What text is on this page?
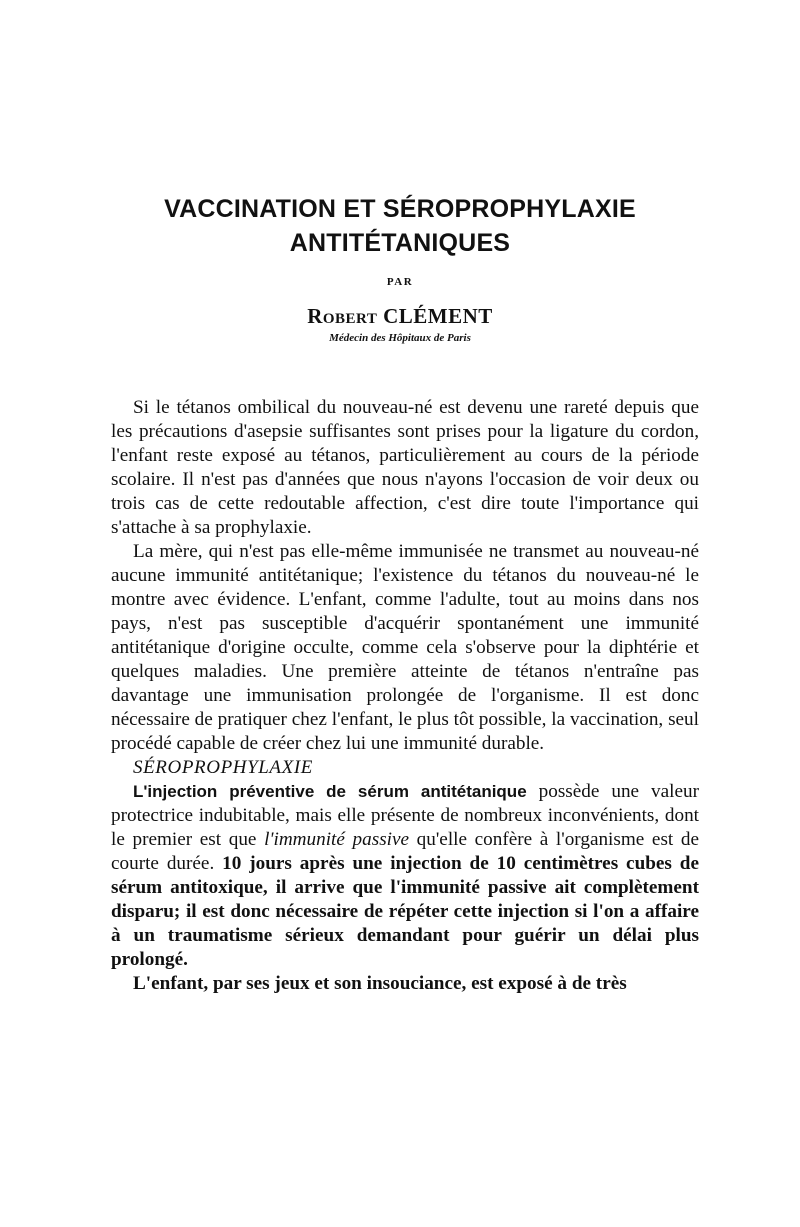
VACCINATION ET SÉROPROPHYLAXIE
ANTITÉTANIQUES
PAR
Robert CLÉMENT
Médecin des Hôpitaux de Paris

Si le tétanos ombilical du nouveau-né est devenu une rareté depuis que les précautions d'asepsie suffisantes sont prises pour la ligature du cordon, l'enfant reste exposé au tétanos, particulièrement au cours de la période scolaire. Il n'est pas d'années que nous n'ayons l'occasion de voir deux ou trois cas de cette redoutable affection, c'est dire toute l'importance qui s'attache à sa prophylaxie.

La mère, qui n'est pas elle-même immunisée ne transmet au nouveau-né aucune immunité antitétanique; l'existence du tétanos du nouveau-né le montre avec évidence. L'enfant, comme l'adulte, tout au moins dans nos pays, n'est pas susceptible d'acquérir spontanément une immunité antitétanique d'origine occulte, comme cela s'observe pour la diphtérie et quelques maladies. Une première atteinte de tétanos n'entraîne pas davantage une immunisation prolongée de l'organisme. Il est donc nécessaire de pratiquer chez l'enfant, le plus tôt possible, la vaccination, seul procédé capable de créer chez lui une immunité durable.

SÉROPROPHYLAXIE

L'injection préventive de sérum antitétanique possède une valeur protectrice indubitable, mais elle présente de nombreux inconvénients, dont le premier est que l'immunité passive qu'elle confère à l'organisme est de courte durée. 10 jours après une injection de 10 centimètres cubes de sérum antitoxique, il arrive que l'immunité passive ait complètement disparu; il est donc nécessaire de répéter cette injection si l'on a affaire à un traumatisme sérieux demandant pour guérir un délai plus prolongé.

L'enfant, par ses jeux et son insouciance, est exposé à de très
